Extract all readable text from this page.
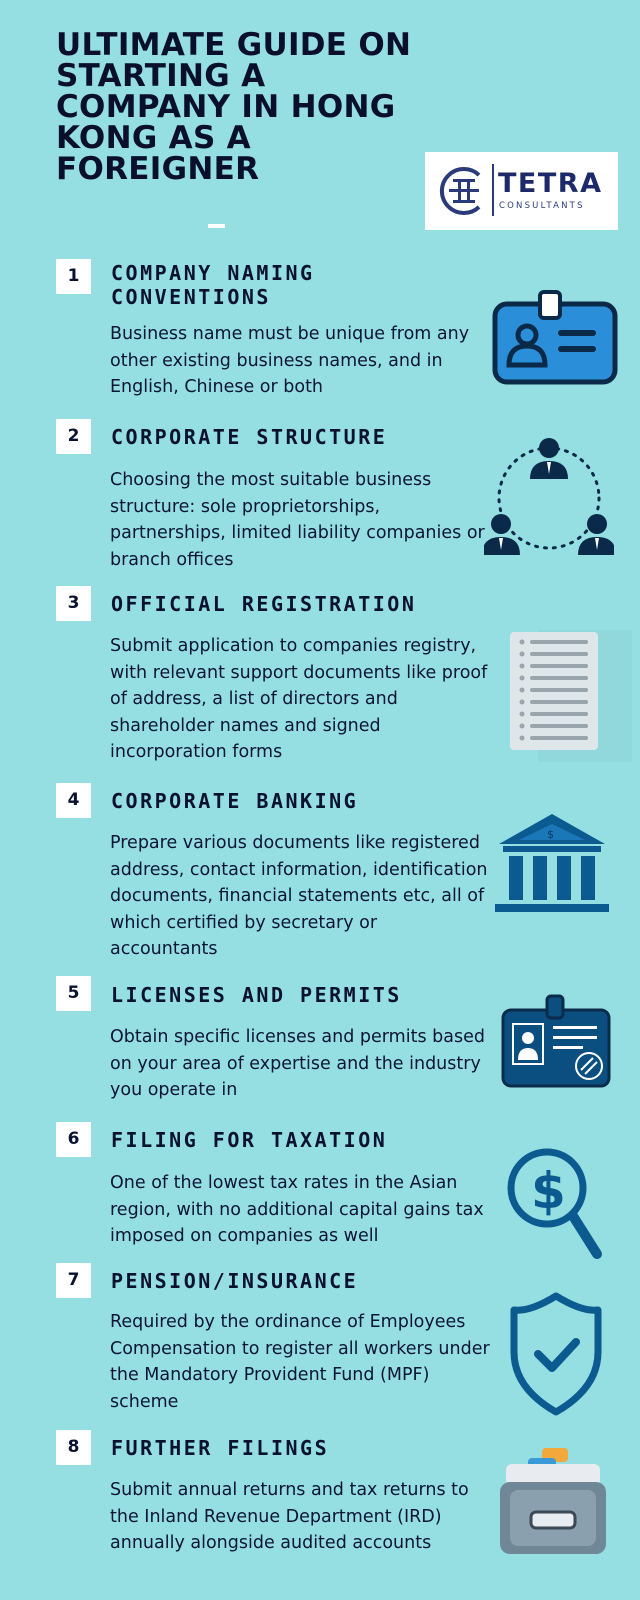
ULTIMATE GUIDE ON STARTING A COMPANY IN HONG KONG AS A FOREIGNER	TETRA
CONSULTANTS
1	COMPANY NAMING CONVENTIONS
Business name must be unique from any other existing business names, and in English, Chinese or both
2	CORPORATE STRUCTURE
Choosing the most suitable business structure: sole proprietorships, partnerships, limited liability companies or branch offices
3	OFFICIAL REGISTRATION
Submit application to companies registry, with relevant support documents like proof of address, a list of directors and shareholder names and signed incorporation forms
4	CORPORATE BANKING
Prepare various documents like registered address, contact information, identification documents, financial statements etc, all of which certified by secretary or accountants
$
5	LICENSES AND PERMITS
Obtain specific licenses and permits based on your area of expertise and the industry you operate in
6	FILING FOR TAXATION
One of the lowest tax rates in the Asian region, with no additional capital gains tax imposed on companies as well
$
7	PENSION/INSURANCE
Required by the ordinance of Employees Compensation to register all workers under the Mandatory Provident Fund (MPF) scheme
8	FURTHER FILINGS
Submit annual returns and tax returns to the Inland Revenue Department (IRD) annually alongside audited accounts
